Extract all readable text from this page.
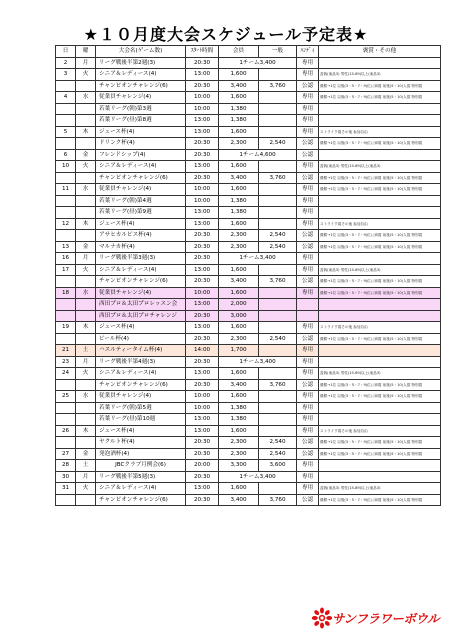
★１０月度大会スケジュール予定表★
日	曜	大会名(ゲーム数)	ｽﾀｰﾄ時間	会員	一般	ﾊﾝﾃﾞｨ	褒賞・その他
2	月	リーグ戦後半第2週(3)	20:30	1チーム3,400		専用	
3	火	シニア＆レディース(4)	13:00	1,600		専用	盆栽(東品3) 男性(15-89)以上(東品3)
		チャンピオンチャレンジ(6)	20:30	3,400	3,760	公認	優勝→1位 以後(3・5・7・9)位に商賞 前後(5・10)人賞 特別賞
4	水	従業員チャレンジ(4)	10:00	1,600		専用	優勝→1位 以後(3・5・7・9)位に商賞 前後(5・10)人賞 特別賞
		若葉リーグ(朝)第3週	10:00	1,380		専用	
		若葉リーグ(昼)第8週	13:00	1,380		専用	
5	木	ジュース杯(4)	13:00	1,600		専用	ストライク賞その他 参加自由
		ドリンク杯(4)	20:30	2,300	2,540	公認	優勝→1位 以後(3・5・7・9)位に商賞 前後(5・10)人賞 特別賞
6	金	フレンドシップ(4)	20:30	1チーム4,600		公認	
10	火	シニア＆レディース(4)	13:00	1,600		専用	盆栽(東品3) 男性(15-89)以上(東品3)
		チャンピオンチャレンジ(6)	20:30	3,400	3,760	公認	優勝→1位 以後(3・5・7・9)位に商賞 前後(5・10)人賞 特別賞
11	水	従業員チャレンジ(4)	10:00	1,600		専用	優勝→1位 以後(3・5・7・9)位に商賞 前後(5・10)人賞 特別賞
		若葉リーグ(朝)第4週	10:00	1,380		専用	
		若葉リーグ(昼)第9週	13:00	1,380		専用	
12	木	ジュース杯(4)	13:00	1,600		専用	ストライク賞その他 参加自由
		アサヒカルピス杯(4)	20:30	2,300	2,540	公認	優勝→1位 以後(3・5・7・9)位に商賞 前後(5・10)人賞 特別賞
13	金	マルナカ杯(4)	20:30	2,300	2,540	公認	優勝→1位 以後(3・5・7・9)位に商賞 前後(5・10)人賞 特別賞
16	月	リーグ戦後半第3週(3)	20:30	1チーム3,400		専用	
17	火	シニア＆レディース(4)	13:00	1,600		専用	盆栽(東品3) 男性(15-89)以上(東品3)
		チャンピオンチャレンジ(6)	20:30	3,400	3,760	公認	優勝→1位 以後(3・5・7・9)位に商賞 前後(5・10)人賞 特別賞
18	水	従業員チャレンジ(4)	10:00	1,600		専用	優勝→1位 以後(3・5・7・9)位に商賞 前後(5・10)人賞 特別賞
		西田プロ＆太田プロレッスン会	13:00	2,000			
		西田プロ＆太田プロチャレンジ	20:30	3,000			
19	木	ジュース杯(4)	13:00	1,600		専用	ストライク賞その他 参加自由
		ビール杯(4)	20:30	2,300	2,540	公認	優勝→1位 以後(3・5・7・9)位に商賞 前後(5・10)人賞 特別賞
21	土	ハスルティータイム杯(4)	14:00	1,700		専用	
23	月	リーグ戦後半第4週(3)	20:30	1チーム3,400		専用	
24	火	シニア＆レディース(4)	13:00	1,600		専用	盆栽(東品3) 男性(15-89)以上(東品3)
		チャンピオンチャレンジ(6)	20:30	3,400	3,760	公認	優勝→1位 以後(3・5・7・9)位に商賞 前後(5・10)人賞 特別賞
25	水	従業員チャレンジ(4)	10:00	1,600		専用	優勝→1位 以後(3・5・7・9)位に商賞 前後(5・10)人賞 特別賞
		若葉リーグ(朝)第5週	10:00	1,380		専用	
		若葉リーグ(昼)第10週	13:00	1,380		専用	
26	木	ジュース杯(4)	13:00	1,600		専用	ストライク賞その他 参加自由
		ヤクルト杯(4)	20:30	2,300	2,540	公認	優勝→1位 以後(3・5・7・9)位に商賞 前後(5・10)人賞 特別賞
27	金	発泡酒杯(4)	20:30	2,300	2,540	公認	優勝→1位 以後(3・5・7・9)位に商賞 前後(5・10)人賞 特別賞
28	土	JBCクラブ月例会(6)	20:00	3,300	3,600	専用	
30	月	リーグ戦後半第5週(3)	20:30	1チーム3,400		専用	
31	火	シニア＆レディース(4)	13:00	1,600		専用	盆栽(東品3) 男性(15-89)以上(東品3)
		チャンピオンチャレンジ(6)	20:30	3,400	3,760	公認	優勝→1位 以後(3・5・7・9)位に商賞 前後(5・10)人賞 特別賞
サンフラワーボウル
